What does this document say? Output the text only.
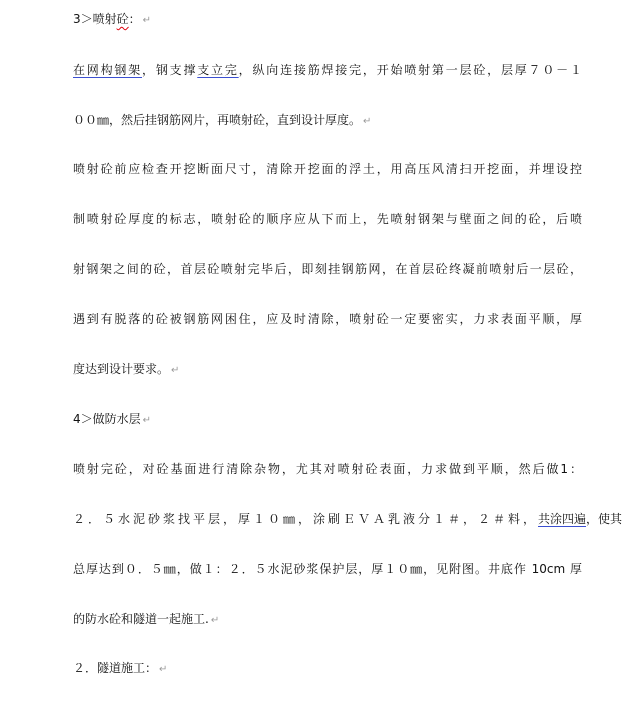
3＞喷射砼： ↵
在网构钢架，钢支撑支立完，纵向连接筋焊接完，开始喷射第一层砼，层厚７０－１
００㎜，然后挂钢筋网片，再喷射砼，直到设计厚度。 ↵
喷射砼前应检查开挖断面尺寸，清除开挖面的浮土，用高压风清扫开挖面，并埋设控
制喷射砼厚度的标志，喷射砼的顺序应从下而上，先喷射钢架与壁面之间的砼，后喷
射钢架之间的砼，首层砼喷射完毕后，即刻挂钢筋网，在首层砼终凝前喷射后一层砼，
遇到有脱落的砼被钢筋网困住，应及时清除，喷射砼一定要密实，力求表面平顺，厚
度达到设计要求。 ↵
4＞做防水层 ↵
喷射完砼，对砼基面进行清除杂物，尤其对喷射砼表面，力求做到平顺，然后做1：
２．５水泥砂浆找平层，厚１０㎜，涂刷ＥＶＡ乳液分１＃，２＃料，共涂四遍，使其
总厚达到０．５㎜，做１：２．５水泥砂浆保护层，厚１０㎜，见附图。井底作 10cm 厚
的防水砼和隧道一起施工. ↵
２．隧道施工： ↵
